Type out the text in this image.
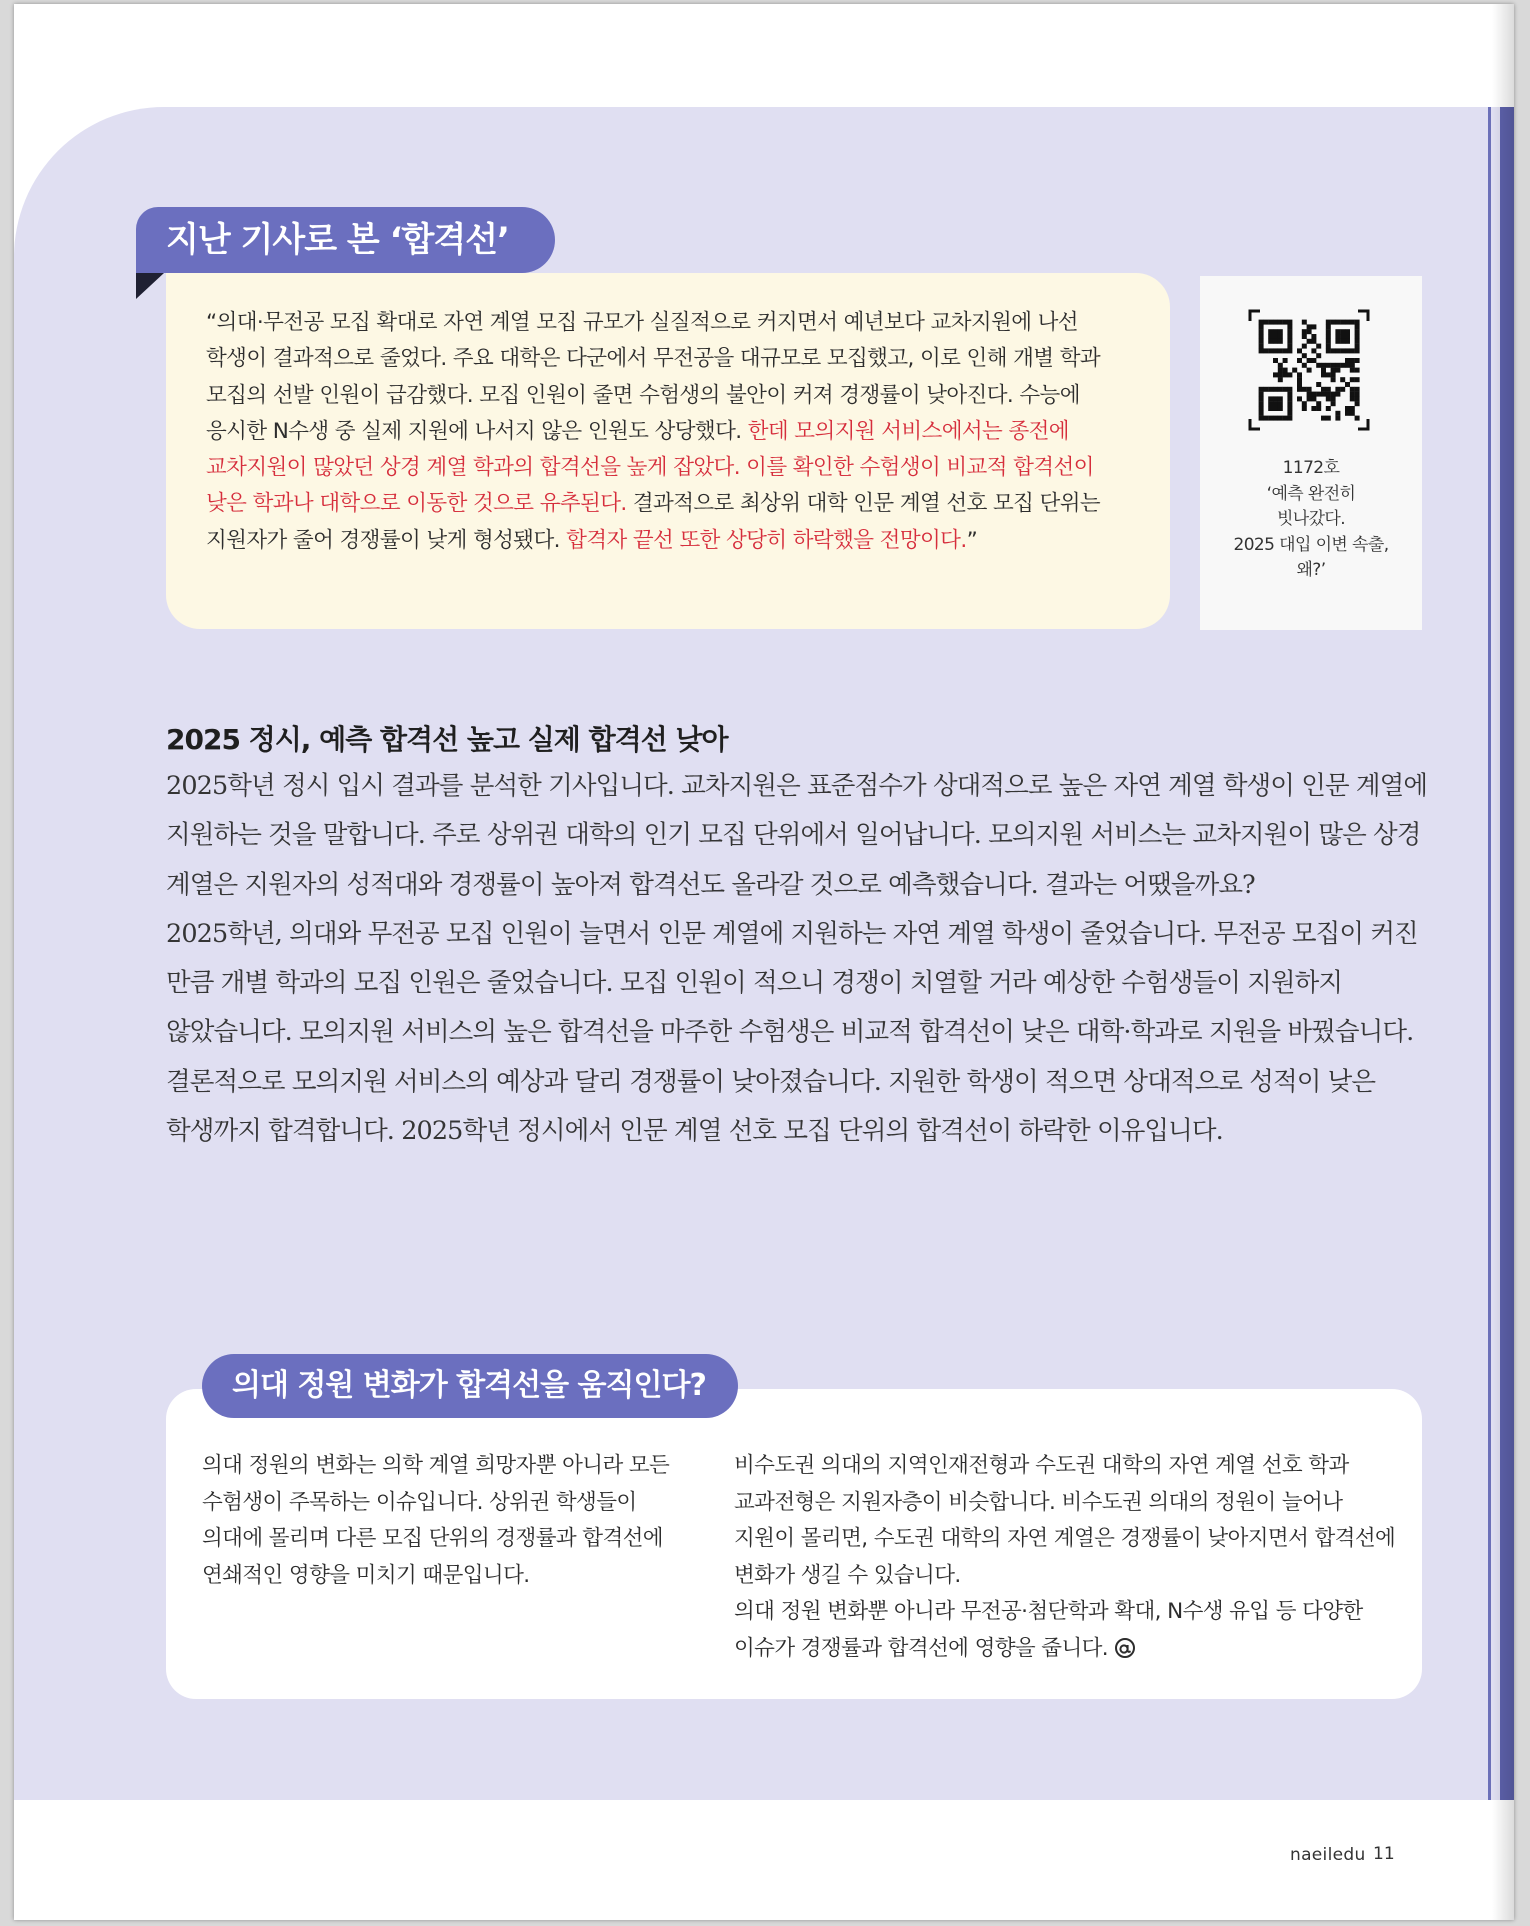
지난 기사로 본 ‘합격선’

“의대·무전공 모집 확대로 자연 계열 모집 규모가 실질적으로 커지면서 예년보다 교차지원에 나선 학생이 결과적으로 줄었다. 주요 대학은 다군에서 무전공을 대규모로 모집했고, 이로 인해 개별 학과 모집의 선발 인원이 급감했다. 모집 인원이 줄면 수험생의 불안이 커져 경쟁률이 낮아진다. 수능에 응시한 N수생 중 실제 지원에 나서지 않은 인원도 상당했다. 한데 모의지원 서비스에서는 종전에 교차지원이 많았던 상경 계열 학과의 합격선을 높게 잡았다. 이를 확인한 수험생이 비교적 합격선이 낮은 학과나 대학으로 이동한 것으로 유추된다. 결과적으로 최상위 대학 인문 계열 선호 모집 단위는 지원자가 줄어 경쟁률이 낮게 형성됐다. 합격자 끝선 또한 상당히 하락했을 전망이다.”

1172호
‘예측 완전히
빗나갔다.
2025 대입 이변 속출,
왜?’
2025 정시, 예측 합격선 높고 실제 합격선 낮아
2025학년 정시 입시 결과를 분석한 기사입니다. 교차지원은 표준점수가 상대적으로 높은 자연 계열 학생이 인문 계열에 지원하는 것을 말합니다. 주로 상위권 대학의 인기 모집 단위에서 일어납니다. 모의지원 서비스는 교차지원이 많은 상경 계열은 지원자의 성적대와 경쟁률이 높아져 합격선도 올라갈 것으로 예측했습니다. 결과는 어땠을까요?
2025학년, 의대와 무전공 모집 인원이 늘면서 인문 계열에 지원하는 자연 계열 학생이 줄었습니다. 무전공 모집이 커진 만큼 개별 학과의 모집 인원은 줄었습니다. 모집 인원이 적으니 경쟁이 치열할 거라 예상한 수험생들이 지원하지 않았습니다. 모의지원 서비스의 높은 합격선을 마주한 수험생은 비교적 합격선이 낮은 대학·학과로 지원을 바꿨습니다.
결론적으로 모의지원 서비스의 예상과 달리 경쟁률이 낮아졌습니다. 지원한 학생이 적으면 상대적으로 성적이 낮은 학생까지 합격합니다. 2025학년 정시에서 인문 계열 선호 모집 단위의 합격선이 하락한 이유입니다.
의대 정원 변화가 합격선을 움직인다?

의대 정원의 변화는 의학 계열 희망자뿐 아니라 모든 수험생이 주목하는 이슈입니다. 상위권 학생들이 의대에 몰리며 다른 모집 단위의 경쟁률과 합격선에 연쇄적인 영향을 미치기 때문입니다.

비수도권 의대의 지역인재전형과 수도권 대학의 자연 계열 선호 학과 교과전형은 지원자층이 비슷합니다. 비수도권 의대의 정원이 늘어나 지원이 몰리면, 수도권 대학의 자연 계열은 경쟁률이 낮아지면서 합격선에 변화가 생길 수 있습니다.
의대 정원 변화뿐 아니라 무전공·첨단학과 확대, N수생 유입 등 다양한 이슈가 경쟁률과 합격선에 영향을 줍니다.
naeiledu 11
